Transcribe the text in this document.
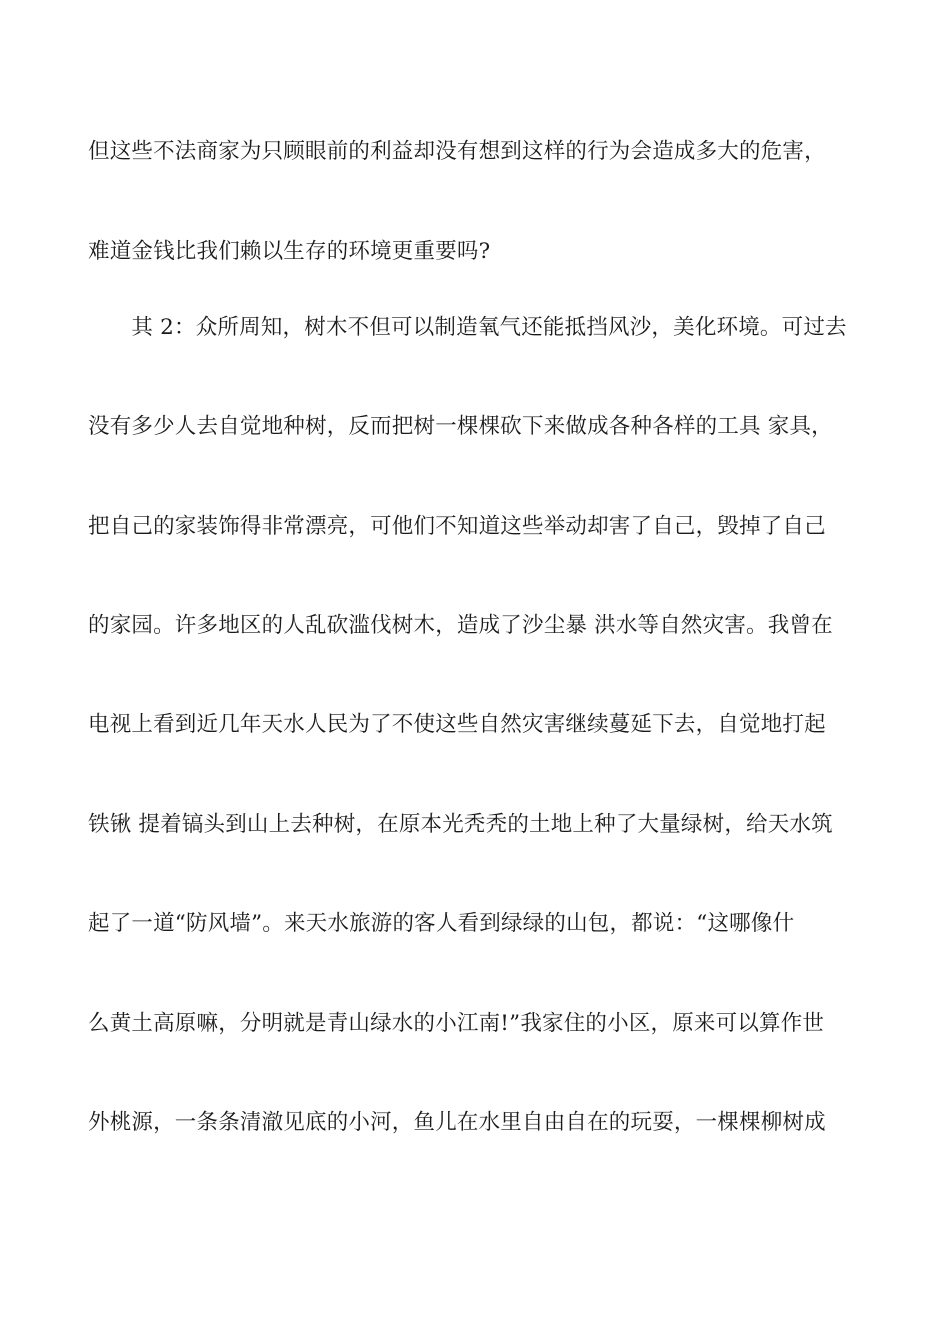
但这些不法商家为只顾眼前的利益却没有想到这样的行为会造成多大的危害，
难道金钱比我们赖以生存的环境更重要吗?
　　其 2：众所周知，树木不但可以制造氧气还能抵挡风沙，美化环境。可过去
没有多少人去自觉地种树，反而把树一棵棵砍下来做成各种各样的工具 家具，
把自己的家装饰得非常漂亮，可他们不知道这些举动却害了自己，毁掉了自己
的家园。许多地区的人乱砍滥伐树木，造成了沙尘暴 洪水等自然灾害。我曾在
电视上看到近几年天水人民为了不使这些自然灾害继续蔓延下去，自觉地打起
铁锹 提着镐头到山上去种树，在原本光秃秃的土地上种了大量绿树，给天水筑
起了一道“防风墙”。来天水旅游的客人看到绿绿的山包，都说：“这哪像什
么黄土高原嘛，分明就是青山绿水的小江南!”我家住的小区，原来可以算作世
外桃源，一条条清澈见底的小河，鱼儿在水里自由自在的玩耍，一棵棵柳树成
